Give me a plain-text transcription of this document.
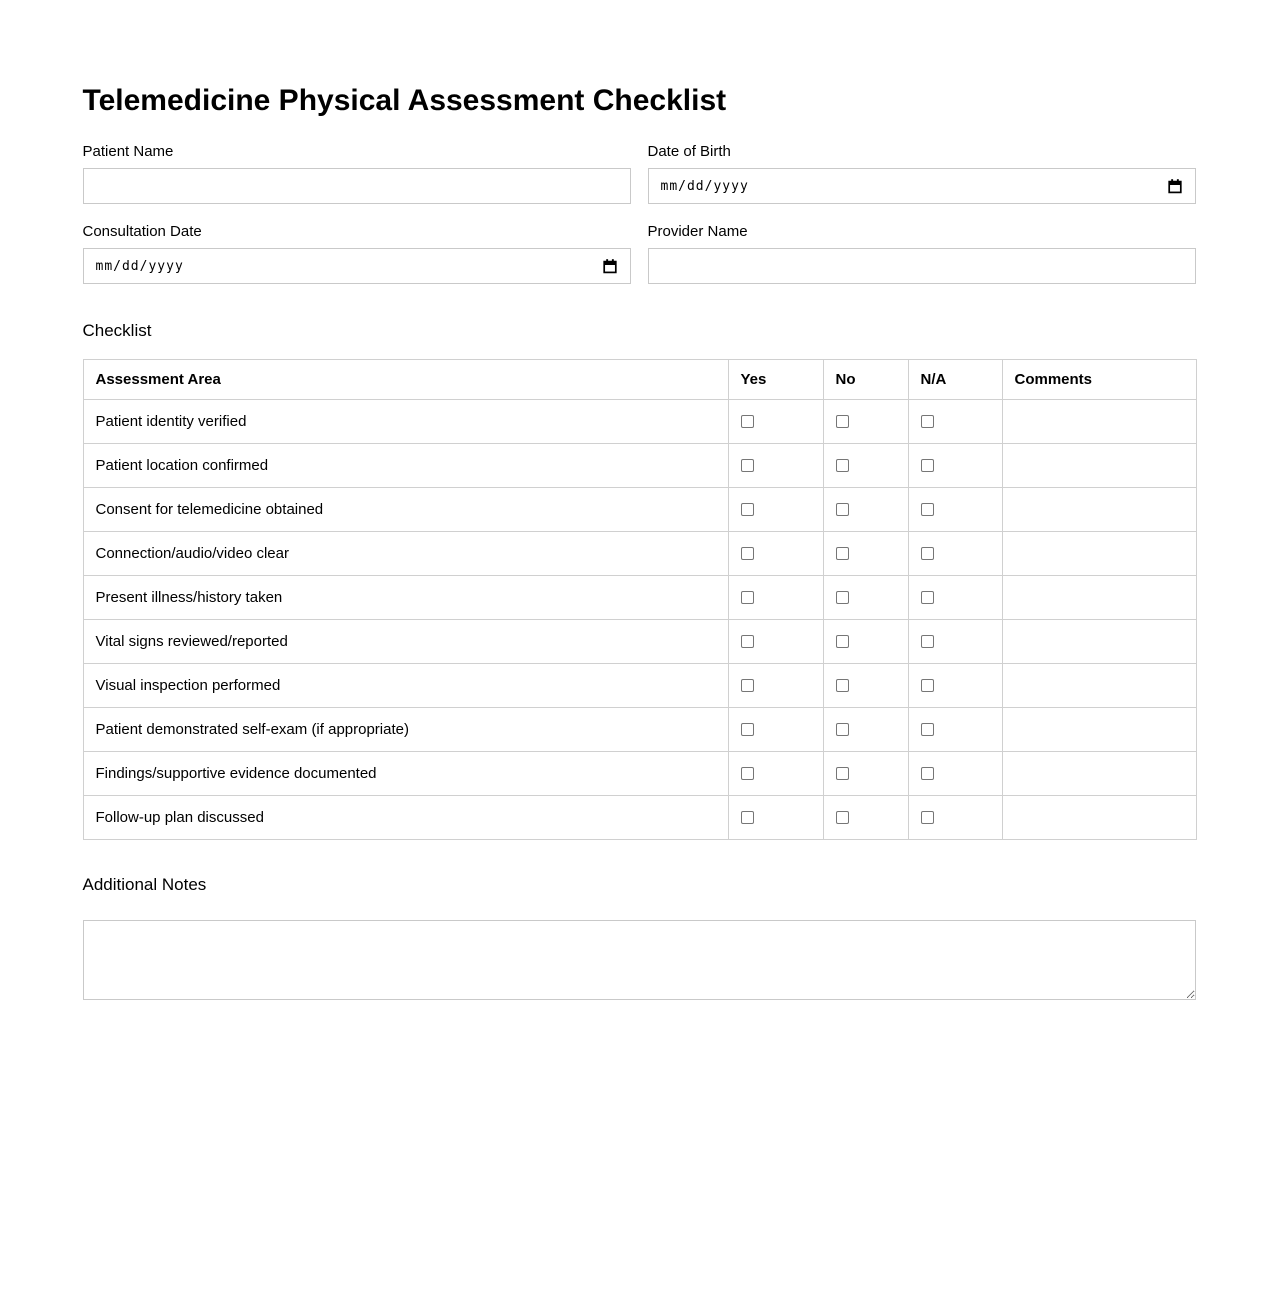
Telemedicine Physical Assessment Checklist
Patient Name	Date of Birth
mm/dd/yyyy
Consultation Date
mm/dd/yyyy
Provider Name
Checklist
Assessment Area	Yes	No	N/A	Comments
Patient identity verified				
Patient location confirmed				
Consent for telemedicine obtained				
Connection/audio/video clear				
Present illness/history taken				
Vital signs reviewed/reported				
Visual inspection performed				
Patient demonstrated self-exam (if appropriate)				
Findings/supportive evidence documented				
Follow-up plan discussed				
Additional Notes
